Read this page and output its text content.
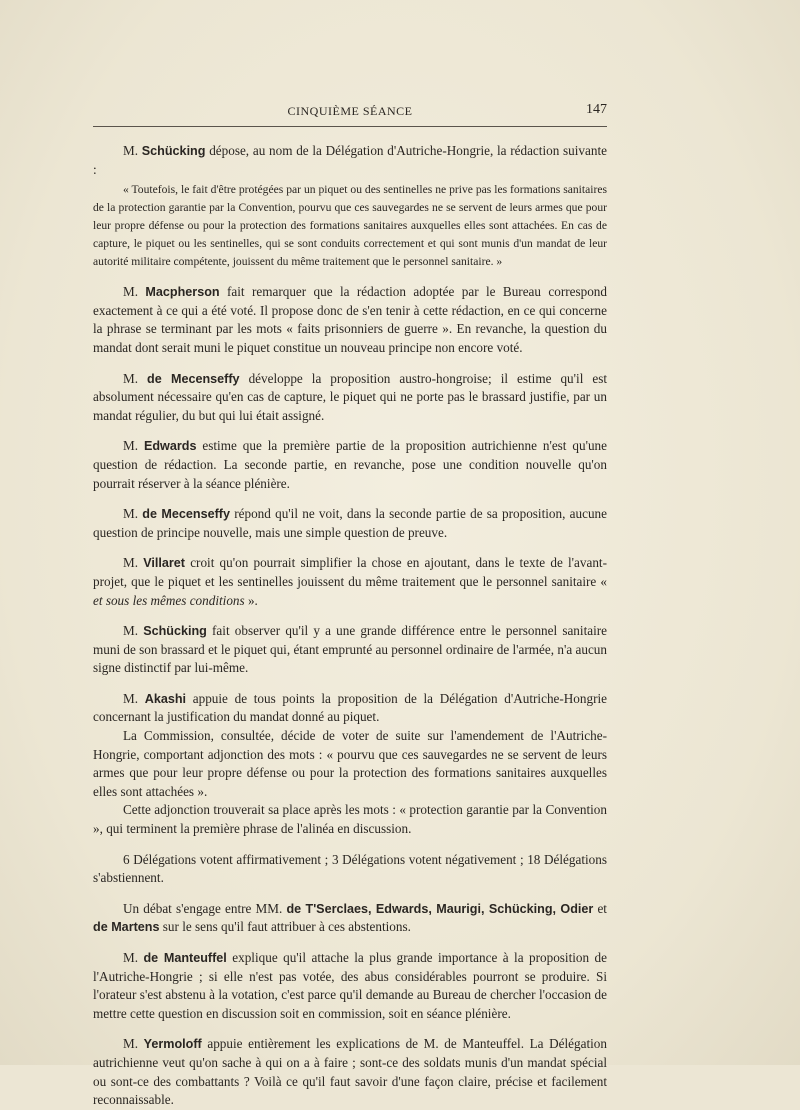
CINQUIÈME SÉANCE	147

M. Schücking dépose, au nom de la Délégation d'Autriche-Hongrie, la rédaction suivante :

« Toutefois, le fait d'être protégées par un piquet ou des sentinelles ne prive pas les formations sanitaires de la protection garantie par la Convention, pourvu que ces sauvegardes ne se servent de leurs armes que pour leur propre défense ou pour la protection des formations sanitaires auxquelles elles sont attachées. En cas de capture, le piquet ou les sentinelles, qui se sont conduits correctement et qui sont munis d'un mandat de leur autorité militaire compétente, jouissent du même traitement que le personnel sanitaire. »

M. Macpherson fait remarquer que la rédaction adoptée par le Bureau correspond exactement à ce qui a été voté. Il propose donc de s'en tenir à cette rédaction, en ce qui concerne la phrase se terminant par les mots « faits prisonniers de guerre ». En revanche, la question du mandat dont serait muni le piquet constitue un nouveau principe non encore voté.

M. de Mecenseffy développe la proposition austro-hongroise; il estime qu'il est absolument nécessaire qu'en cas de capture, le piquet qui ne porte pas le brassard justifie, par un mandat régulier, du but qui lui était assigné.

M. Edwards estime que la première partie de la proposition autrichienne n'est qu'une question de rédaction. La seconde partie, en revanche, pose une condition nouvelle qu'on pourrait réserver à la séance plénière.

M. de Mecenseffy répond qu'il ne voit, dans la seconde partie de sa proposition, aucune question de principe nouvelle, mais une simple question de preuve.

M. Villaret croit qu'on pourrait simplifier la chose en ajoutant, dans le texte de l'avant-projet, que le piquet et les sentinelles jouissent du même traitement que le personnel sanitaire « et sous les mêmes conditions ».

M. Schücking fait observer qu'il y a une grande différence entre le personnel sanitaire muni de son brassard et le piquet qui, étant emprunté au personnel ordinaire de l'armée, n'a aucun signe distinctif par lui-même.

M. Akashi appuie de tous points la proposition de la Délégation d'Autriche-Hongrie concernant la justification du mandat donné au piquet.

La Commission, consultée, décide de voter de suite sur l'amendement de l'Autriche-Hongrie, comportant adjonction des mots : « pourvu que ces sauvegardes ne se servent de leurs armes que pour leur propre défense ou pour la protection des formations sanitaires auxquelles elles sont attachées ».

Cette adjonction trouverait sa place après les mots : « protection garantie par la Convention », qui terminent la première phrase de l'alinéa en discussion.

6 Délégations votent affirmativement ; 3 Délégations votent négativement ; 18 Délégations s'abstiennent.

Un débat s'engage entre MM. de T'Serclaes, Edwards, Maurigi, Schücking, Odier et de Martens sur le sens qu'il faut attribuer à ces abstentions.

M. de Manteuffel explique qu'il attache la plus grande importance à la proposition de l'Autriche-Hongrie ; si elle n'est pas votée, des abus considérables pourront se produire. Si l'orateur s'est abstenu à la votation, c'est parce qu'il demande au Bureau de chercher l'occasion de mettre cette question en discussion soit en commission, soit en séance plénière.

M. Yermoloff appuie entièrement les explications de M. de Manteuffel. La Délégation autrichienne veut qu'on sache à qui on a à faire ; sont-ce des soldats munis d'un mandat spécial ou sont-ce des combattants ? Voilà ce qu'il faut savoir d'une façon claire, précise et facilement reconnaissable.
